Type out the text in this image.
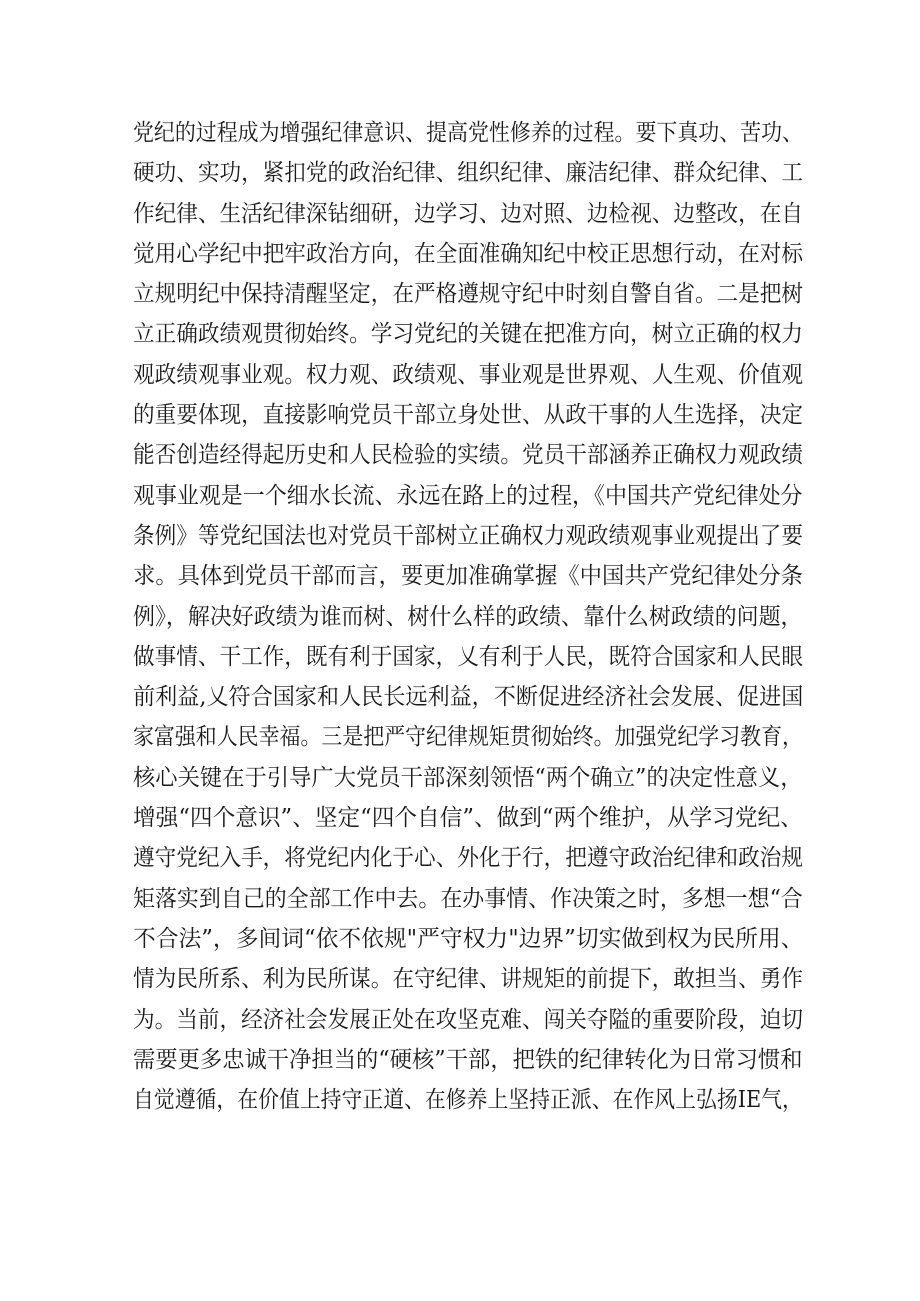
党纪的过程成为增强纪律意识、提高党性修养的过程。要下真功、苦功、
硬功、实功，紧扣党的政治纪律、组织纪律、廉洁纪律、群众纪律、工
作纪律、生活纪律深钻细研，边学习、边对照、边检视、边整改，在自
觉用心学纪中把牢政治方向，在全面准确知纪中校正思想行动，在对标
立规明纪中保持清醒坚定，在严格遵规守纪中时刻自警自省。二是把树
立正确政绩观贯彻始终。学习党纪的关键在把准方向，树立正确的权力
观政绩观事业观。权力观、政绩观、事业观是世界观、人生观、价值观
的重要体现，直接影响党员干部立身处世、从政干事的人生选择，决定
能否创造经得起历史和人民检验的实绩。党员干部涵养正确权力观政绩
观事业观是一个细水长流、永远在路上的过程，《中国共产党纪律处分
条例》等党纪国法也对党员干部树立正确权力观政绩观事业观提出了要
求。具体到党员干部而言，要更加准确掌握《中国共产党纪律处分条
例》，解决好政绩为谁而树、树什么样的政绩、靠什么树政绩的问题，
做事情、干工作，既有利于国家，乂有利于人民，既符合国家和人民眼
前利益,乂符合国家和人民长远利益，不断促进经济社会发展、促进国
家富强和人民幸福。三是把严守纪律规矩贯彻始终。加强党纪学习教育，
核心关键在于引导广大党员干部深刻领悟“两个确立”的决定性意义，
增强“四个意识”、坚定“四个自信”、做到“两个维护，从学习党纪、
遵守党纪入手，将党纪内化于心、外化于行，把遵守政治纪律和政治规
矩落实到自己的全部工作中去。在办事情、作决策之时，多想一想“合
不合法”，多间词“依不依规"严守权力"边界”切实做到权为民所用、
情为民所系、利为民所谋。在守纪律、讲规矩的前提下，敢担当、勇作
为。当前，经济社会发展正处在攻坚克难、闯关夺隘的重要阶段，迫切
需要更多忠诚干净担当的“硬核”干部，把铁的纪律转化为日常习惯和
自觉遵循，在价值上持守正道、在修养上坚持正派、在作风上弘扬IE气，
